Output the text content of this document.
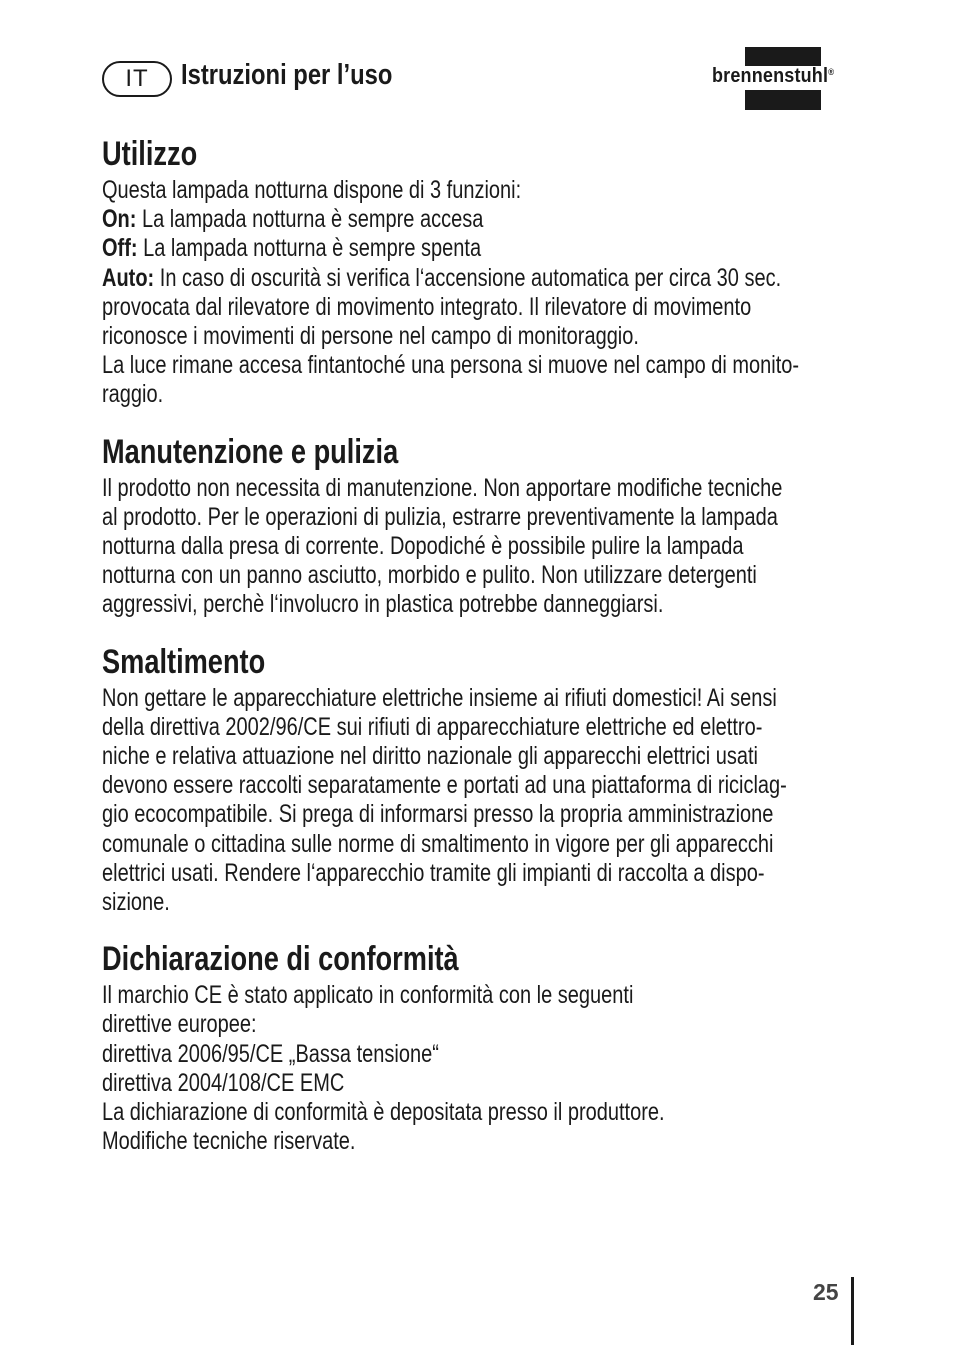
IT	Istruzioni per l’uso	brennenstuhl®
Utilizzo
Questa lampada notturna dispone di 3 funzioni:
On: La lampada notturna è sempre accesa
Off: La lampada notturna è sempre spenta
Auto: In caso di oscurità si verifica l‘accensione automatica per circa 30 sec.
provocata dal rilevatore di movimento integrato. Il rilevatore di movimento
riconosce i movimenti di persone nel campo di monitoraggio.
La luce rimane accesa fintantoché una persona si muove nel campo di monito-
raggio.
Manutenzione e pulizia
Il prodotto non necessita di manutenzione. Non apportare modifiche tecniche
al prodotto. Per le operazioni di pulizia, estrarre preventivamente la lampada
notturna dalla presa di corrente. Dopodiché è possibile pulire la lampada
notturna con un panno asciutto, morbido e pulito. Non utilizzare detergenti
aggressivi, perchè l‘involucro in plastica potrebbe danneggiarsi.
Smaltimento
Non gettare le apparecchiature elettriche insieme ai rifiuti domestici! Ai sensi
della direttiva 2002/96/CE sui rifiuti di apparecchiature elettriche ed elettro-
niche e relativa attuazione nel diritto nazionale gli apparecchi elettrici usati
devono essere raccolti separatamente e portati ad una piattaforma di riciclag-
gio ecocompatibile. Si prega di informarsi presso la propria amministrazione
comunale o cittadina sulle norme di smaltimento in vigore per gli apparecchi
elettrici usati. Rendere l‘apparecchio tramite gli impianti di raccolta a dispo-
sizione.
Dichiarazione di conformità
Il marchio CE è stato applicato in conformità con le seguenti
direttive europee:
direttiva 2006/95/CE „Bassa tensione“
direttiva 2004/108/CE EMC
La dichiarazione di conformità è depositata presso il produttore.
Modifiche tecniche riservate.
25
